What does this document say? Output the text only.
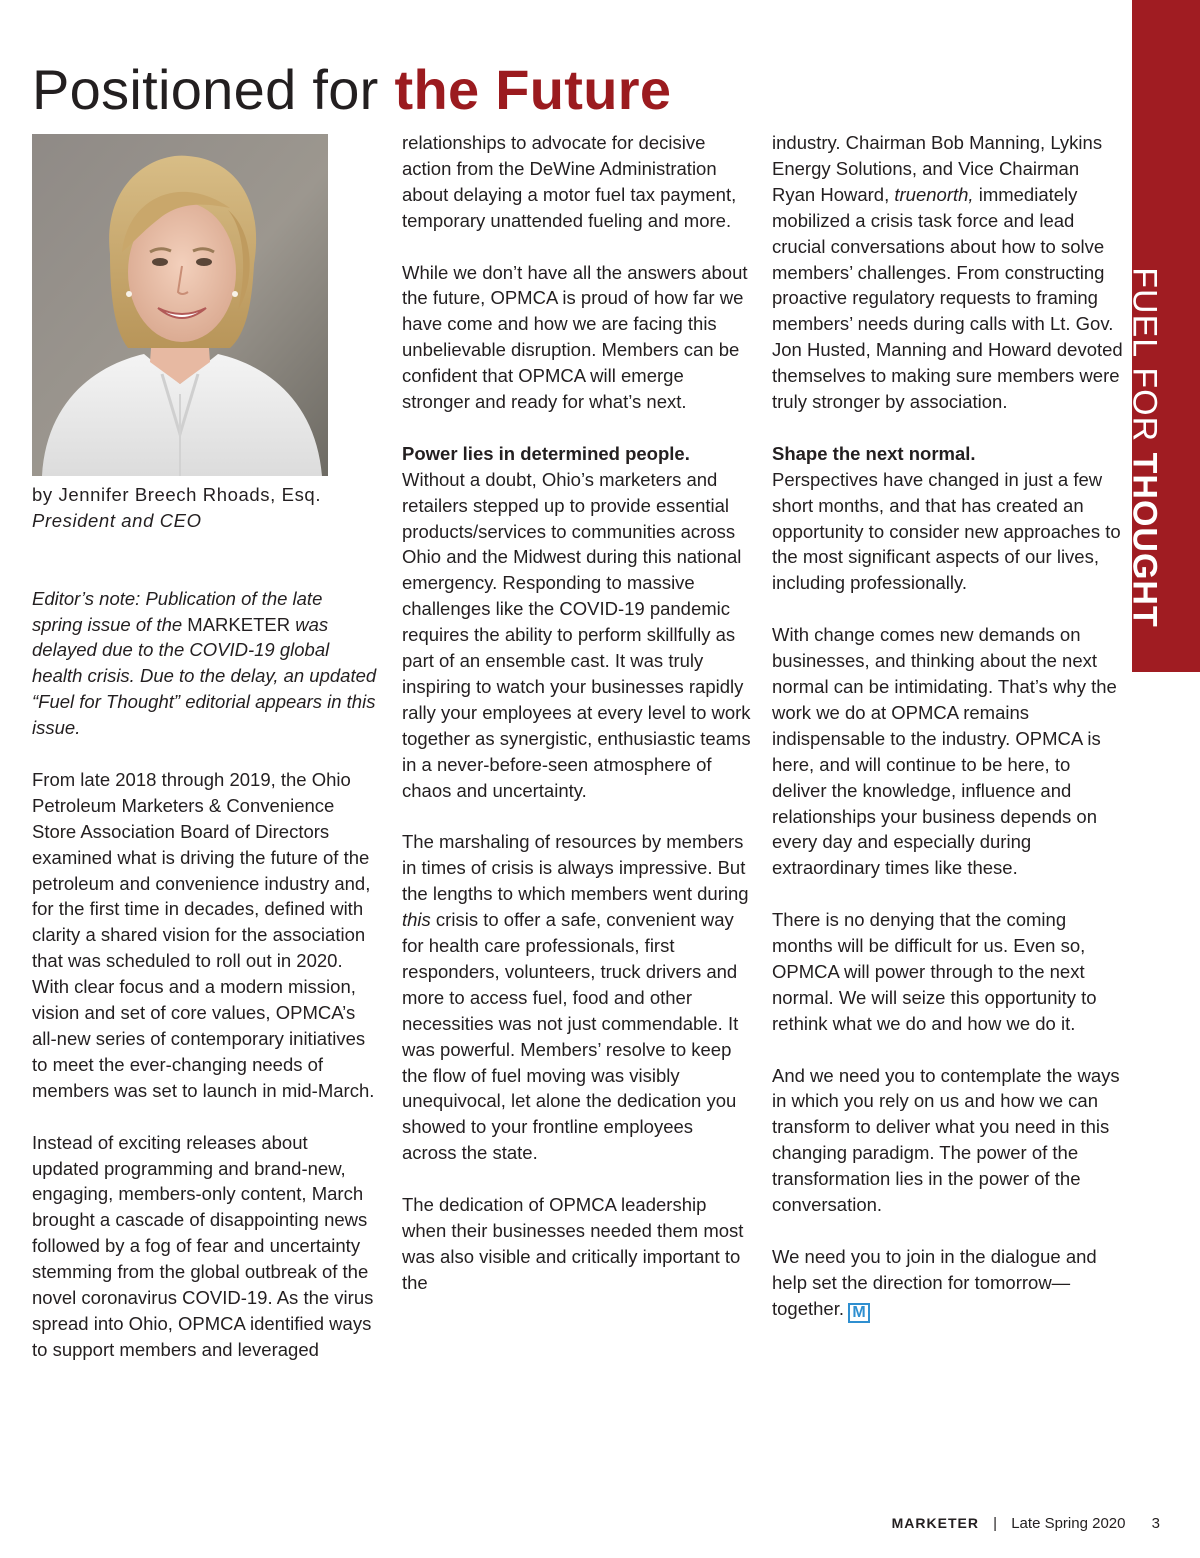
Positioned for the Future
FUEL FOR THOUGHT

by Jennifer Breech Rhoads, Esq.

President and CEO

Editor’s note: Publication of the late spring issue of the MARKETER was delayed due to the COVID-19 global health crisis. Due to the delay, an updated “Fuel for Thought” editorial appears in this issue.

From late 2018 through 2019, the Ohio Petroleum Marketers & Convenience Store Association Board of Directors examined what is driving the future of the petroleum and convenience industry and, for the first time in decades, defined with clarity a shared vision for the association that was scheduled to roll out in 2020. With clear focus and a modern mission, vision and set of core values, OPMCA’s all-new series of contemporary initiatives to meet the ever-changing needs of members was set to launch in mid-March.

Instead of exciting releases about updated programming and brand-new, engaging, members-only content, March brought a cascade of disappointing news followed by a fog of fear and uncertainty stemming from the global outbreak of the novel coronavirus COVID-19. As the virus spread into Ohio, OPMCA identified ways to support members and leveraged

relationships to advocate for decisive action from the DeWine Administration about delaying a motor fuel tax payment, temporary unattended fueling and more.

While we don’t have all the answers about the future, OPMCA is proud of how far we have come and how we are facing this unbelievable disruption. Members can be confident that OPMCA will emerge stronger and ready for what’s next.

Power lies in determined people.

Without a doubt, Ohio’s marketers and retailers stepped up to provide essential products/services to communities across Ohio and the Midwest during this national emergency. Responding to massive challenges like the COVID-19 pandemic requires the ability to perform skillfully as part of an ensemble cast. It was truly inspiring to watch your businesses rapidly rally your employees at every level to work together as synergistic, enthusiastic teams in a never-before-seen atmosphere of chaos and uncertainty.

The marshaling of resources by members in times of crisis is always impressive. But the lengths to which members went during this crisis to offer a safe, convenient way for health care professionals, first responders, volunteers, truck drivers and more to access fuel, food and other necessities was not just commendable. It was powerful. Members’ resolve to keep the flow of fuel moving was visibly unequivocal, let alone the dedication you showed to your frontline employees across the state.

The dedication of OPMCA leadership when their businesses needed them most was also visible and critically important to the

industry. Chairman Bob Manning, Lykins Energy Solutions, and Vice Chairman Ryan Howard, truenorth, immediately mobilized a crisis task force and lead crucial conversations about how to solve members’ challenges. From constructing proactive regulatory requests to framing members’ needs during calls with Lt. Gov. Jon Husted, Manning and Howard devoted themselves to making sure members were truly stronger by association.

Shape the next normal.

Perspectives have changed in just a few short months, and that has created an opportunity to consider new approaches to the most significant aspects of our lives, including professionally.

With change comes new demands on businesses, and thinking about the next normal can be intimidating. That’s why the work we do at OPMCA remains indispensable to the industry. OPMCA is here, and will continue to be here, to deliver the knowledge, influence and relationships your business depends on every day and especially during extraordinary times like these.

There is no denying that the coming months will be difficult for us. Even so, OPMCA will power through to the next normal. We will seize this opportunity to rethink what we do and how we do it.

And we need you to contemplate the ways in which you rely on us and how we can transform to deliver what you need in this changing paradigm. The power of the transformation lies in the power of the conversation.

We need you to join in the dialogue and help set the direction for tomorrow—together. M

MARKETER | Late Spring 2020 3
